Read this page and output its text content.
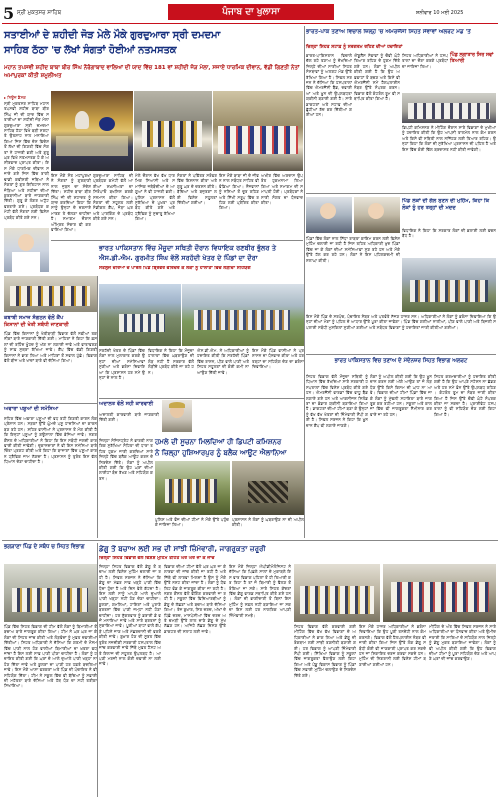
5 ਸ੍ਰੀ ਮੁਕਤਸਰ ਸਾਹਿਬ	ਪੰਜਾਬ ਦਾ ਖੁਲਾਸਾ	ਸ਼ਨੀਵਾਰ 10 ਮਈ 2025
ਸਤਾਈਆਂ ਦੇ ਸ਼ਹੀਦੀ ਜੋੜ ਮੇਲੇ ਮੌਕੇ ਗੁਰਦੁਆਰਾ ਸ੍ਰੀ ਦਮਦਮਾ
ਸਾਹਿਬ ਠੱਠਾ 'ਚ ਲੱਖਾਂ ਸੰਗਤਾਂ ਹੋਈਆਂ ਨਤਮਸਤਕ
ਮਹਾਨ ਤਪਸਵੀ ਸ਼ਹੀਦ ਬਾਬਾ ਬੀਰ ਸਿੰਘ ਨੌਰੰਗਾਬਾਦ ਵਾਲਿਆਂ ਦੀ ਯਾਦ ਵਿੱਚ 181 ਵਾਂ ਸ਼ਹੀਦੀ ਜੋੜ ਮੇਲਾ, ਸਜਾਏ ਧਾਰਮਿਕ ਦੀਵਾਨ, ਵੱਡੀ ਗਿਣਤੀ ਨੇਤਾਂ ਅਮਾਂਪੁਰਕਾਂ ਕੀਤੀ ਸ਼ਮੂਲੀਅਤ
▸ ਨਿਊਜ਼ ਡੈਸਕ
ਸ੍ਰੀ ਮੁਕਤਸਰ ਸਾਹਿਬ ਮਹਾਨ ਤਪਸਵੀ ਸ਼ਹੀਦ ਬਾਬਾ ਬੀਰ ਸਿੰਘ ਜੀ ਦੀ ਯਾਦ ਵਿੱਚ ਸਤਾਈਆਂ ਦਾ ਸ਼ਹੀਦੀ ਜੋੜ ਮੇਲਾ ਗੁਰਦੁਆਰਾ ਸ੍ਰੀ ਦਮਦਮਾ ਸਾਹਿਬ ਠੱਠਾ ਵਿਖੇ ਬੜੀ ਸ਼ਰਧਾ ਤੇ ਉਤਸ਼ਾਹ ਨਾਲ ਮਨਾਇਆ ਗਿਆ ਜਿਸ ਵਿੱਚ ਦੇਸ਼ ਵਿਦੇਸ਼ ਤੋਂ ਲੱਖਾਂ ਦੀ ਗਿਣਤੀ ਵਿੱਚ ਸੰਗਤਾਂ ਨੇ ਹਾਜ਼ਰੀ ਭਰੀ ਅਤੇ ਗੁਰੂ ਘਰ ਵਿਖੇ ਨਤਮਸਤਕ ਹੋ ਕੇ ਅਸ਼ੀਰਵਾਦ ਪ੍ਰਾਪਤ ਕੀਤਾ। ਇਸ ਮੌਕੇ ਧਾਰਮਿਕ ਦੀਵਾਨ ਸਜਾਏ ਗਏ ਜਿਸ ਵਿੱਚ ਰਾਗੀ ਢਾਡੀ ਕਵੀਸ਼ਰੀ ਜਥਿਆਂ ਨੇ ਸੰਗਤਾਂ ਨੂੰ ਗੁਰ ਇਤਿਹਾਸ ਨਾਲ ਜੋੜਿਆ ਅਤੇ ਸ਼ਹੀਦਾਂ ਦੀਆਂ ਕੁਰਬਾਨੀਆਂ ਬਾਰੇ ਜਾਣਕਾਰੀ ਦਿੱਤੀ। ਗੁਰੂ ਕੇ ਲੰਗਰ ਅਟੁੱਟ ਵਰਤਾਏ ਗਏ। ਪ੍ਰਬੰਧਕ ਕਮੇਟੀ ਵੱਲੋਂ ਸੰਗਤਾਂ ਲਈ ਵਿਸ਼ੇਸ਼ ਪ੍ਰਬੰਧ ਕੀਤੇ ਗਏ ਸਨ।
ਇਸ ਮੌਕੇ ਸੰਤ ਮਹਾਂਪੁਰਖਾਂ ਨੇ ਸੰਗਤਾਂ ਨੂੰ ਗੁਰਬਾਣੀ ਨਾਲ ਜੁੜਨ ਦਾ ਸੰਦੇਸ਼ ਦਿੱਤਾ। ਸ਼ਹੀਦ ਬਾਬਾ ਬੀਰ ਸਿੰਘ ਜੀ ਦੀ ਸ਼ਹਾਦਤ ਨੂੰ ਯਾਦ ਕਰਦਿਆਂ ਕਿਹਾ ਕਿ ਸਾਨੂੰ ਉਨ੍ਹਾਂ ਦੇ ਦਰਸਾਏ ਮਾਰਗ ਤੇ ਚੱਲਣਾ ਚਾਹੀਦਾ ਹੈ। ਸਮਾਗਮ ਦੌਰਾਨ ਅੰਮ੍ਰਿਤ ਸੰਚਾਰ ਵੀ ਕਰਵਾਇਆ ਗਿਆ।
ਗੁਰਦੁਆਰਾ ਸਾਹਿਬ ਦੀ ਪ੍ਰਬੰਧਕ ਕਮੇਟੀ ਵੱਲੋਂ ਆਈਆਂ ਸ਼ਖ਼ਸੀਅਤਾਂ ਦਾ ਸਿਰੋਪਾਓ ਬਖਸ਼ਿਸ਼ ਕਰਕੇ ਸਨਮਾਨ ਕੀਤਾ ਗਿਆ। ਸੰਗਤਾਂ ਦੀ ਸਹੂਲਤ ਲਈ ਮੈਡੀਕਲ ਕੈਂਪ, ਜੋੜਾ ਘਰ ਅਤੇ ਪਾਰਕਿੰਗ ਦੇ ਪ੍ਰਬੰਧ ਕੀਤੇ ਗਏ ਸਨ।
ਮੇਲੇ ਦੌਰਾਨ ਵੱਖ ਵੱਖ ਧਾਰਮਿਕ ਸਿਆਸੀ ਅਤੇ ਸਮਾਜਿਕ ਜਥੇਬੰਦੀਆਂ ਦੇ ਆਗੂਆਂ ਨੇ ਵੀ ਹਾਜ਼ਰੀ ਭਰੀ। ਪੁਲਿਸ ਪ੍ਰਸ਼ਾਸਨ ਵੱਲੋਂ ਸੁਰੱਖਿਆ ਦੇ ਪੁਖ਼ਤਾ ਪ੍ਰਬੰਧ ਕੀਤੇ ਗਏ ਅਤੇ ਟ੍ਰੈਫਿਕ ਨੂੰ ਸੁਚਾਰੂ ਰੱਖਿਆ ਗਿਆ।
ਸੰਗਤਾਂ ਨੇ ਪਵਿੱਤਰ ਸਰੋਵਰ ਵਿੱਚ ਇਸ਼ਨਾਨ ਕੀਤਾ ਅਤੇ ਗੁਰੂ ਘਰ ਦੇ ਦਰਸ਼ਨ ਕੀਤੇ। ਬੱਚਿਆਂ ਅਤੇ ਬਜ਼ੁਰਗਾਂ ਲਈ ਵਿਸ਼ੇਸ਼ ਸਹੂਲਤਾਂ ਦਿੱਤੀਆਂ ਗਈਆਂ।
ਇਸ ਮੌਕੇ ਬਾਬਾ ਜੀ ਦੇ ਜੀਵਨ ਨਾਲ ਸਬੰਧਤ ਸਾਹਿਤ ਵੀ ਵੰਡਿਆ ਗਿਆ। ਨੌਜਵਾਨਾਂ ਨੂੰ ਨਸ਼ਿਆਂ ਤੋਂ ਦੂਰ ਰਹਿਣ ਅਤੇ ਸਿੱਖੀ ਸਰੂਪ ਵਿੱਚ ਰਹਿਣ ਲਈ ਪ੍ਰੇਰਿਤ ਕੀਤਾ ਗਿਆ।
ਅਖੀਰ ਵਿੱਚ ਅਰਦਾਸ ਉਪਰੰਤ ਹੁਕਮਨਾਮਾ ਲਿਆ ਗਿਆ ਅਤੇ ਸਮਾਗਮ ਦੀ ਸਮਾਪਤੀ ਹੋਈ। ਪ੍ਰਬੰਧਕਾਂ ਨੇ ਸਾਰੀ ਸੰਗਤ ਦਾ ਧੰਨਵਾਦ ਕੀਤਾ।
ਭਾਰਤ ਪਾਕਿਸਤਾਨ ਵਿੱਚ ਮੌਜੂਦਾ ਸਥਿਤੀ ਦੌਰਾਨ ਵਿਧਾਇਕ ਰਣਬੀਰ ਭੁੱਲਰ ਤੇ
ਐਸ.ਡੀ.ਐਮ. ਗੁਰਮੀਤ ਸਿੰਘ ਵੱਲੋਂ ਸਰਹੱਦੀ ਖੇਤਰ ਦੇ ਪਿੰਡਾਂ ਦਾ ਦੌਰਾ
ਸਤਲੁਜ ਦਰਿਆ ਦੇ ਪਾਰਲੇ ਪਿੰਡ ਬ੍ਰਿਵਰ ਵਰਿੰਦਰ ਕੇ ਲੋਕਾਂ ਨੂੰ ਹਾਲਾਤਾਂ ਵਿੱਚ ਲੋੜੀਂਦਾ ਸਹਿਯੋਗ
ਸਰਹੱਦੀ ਖੇਤਰ ਦੇ ਪਿੰਡਾਂ ਵਿੱਚ ਲੋਕਾਂ ਨਾਲ ਮੁਲਾਕਾਤ ਕਰਕੇ ਉਨ੍ਹਾਂ ਦੀਆਂ ਸਮੱਸਿਆਵਾਂ ਸੁਣੀਆਂ ਅਤੇ ਭਰੋਸਾ ਦਿਵਾਇਆ ਕਿ ਪ੍ਰਸ਼ਾਸਨ ਹਰ ਸਮੇਂ ਉਨ੍ਹਾਂ ਦੇ ਨਾਲ ਹੈ।
ਵਿਧਾਇਕ ਨੇ ਕਿਹਾ ਕਿ ਮੌਜੂਦਾ ਹਾਲਾਤਾਂ ਵਿੱਚ ਘਬਰਾਉਣ ਦੀ ਲੋੜ ਨਹੀਂ ਹੈ ਸਰਕਾਰ ਵੱਲੋਂ ਲੋੜੀਂਦੇ ਪ੍ਰਬੰਧ ਕੀਤੇ ਜਾ ਰਹੇ ਹਨ।
ਐਸ.ਡੀ.ਐਮ. ਨੇ ਅਧਿਕਾਰੀਆਂ ਨੂੰ ਹਦਾਇਤ ਕੀਤੀ ਕਿ ਸਰਹੱਦੀ ਪਿੰਡਾਂ ਵਿੱਚ ਰਾਸ਼ਨ, ਪੀਣ ਵਾਲੇ ਪਾਣੀ ਅਤੇ ਸਿਹਤ ਸਹੂਲਤਾਂ ਦੀ ਕੋਈ ਕਮੀ ਨਾ ਆਉਣ ਦਿੱਤੀ ਜਾਵੇ।
ਇਸ ਮੌਕੇ ਪਿੰਡ ਵਾਸੀਆਂ ਨੇ ਪ੍ਰਸ਼ਾਸਨ ਦਾ ਧੰਨਵਾਦ ਕੀਤਾ ਅਤੇ ਹਰ ਤਰ੍ਹਾਂ ਦਾ ਸਹਿਯੋਗ ਦੇਣ ਦਾ ਭਰੋਸਾ ਦਿਵਾਇਆ।
ਕਬਾਬੀ ਸਮਾਜ ਸੰਗਠਨ ਵੱਲੋਂ ਕੈਂਪ
ਕਿਸਾਨਾਂ ਦੀ ਖੇਤੀ ਸਬੰਧੀ ਜਾਣਕਾਰੀ
ਪਿੰਡ ਵਿੱਚ ਕਿਸਾਨਾਂ ਨੂੰ ਖੇਤੀਬਾੜੀ ਵਿਭਾਗ ਵੱਲੋਂ ਨਵੀਆਂ ਤਕਨੀਕਾਂ ਬਾਰੇ ਜਾਣਕਾਰੀ ਦਿੱਤੀ ਗਈ। ਮਾਹਿਰਾਂ ਨੇ ਕਿਹਾ ਕਿ ਫ਼ਸਲਾਂ ਦੀ ਰਹਿੰਦ ਖੂੰਹਦ ਨੂੰ ਅੱਗ ਨਾ ਲਗਾਈ ਜਾਵੇ ਅਤੇ ਵਾਤਾਵਰਣ ਨੂੰ ਸਾਫ਼ ਸੁਥਰਾ ਰੱਖਿਆ ਜਾਵੇ। ਕੈਂਪ ਵਿੱਚ ਵੱਡੀ ਗਿਣਤੀ ਕਿਸਾਨਾਂ ਨੇ ਭਾਗ ਲਿਆ ਅਤੇ ਮਾਹਿਰਾਂ ਤੋਂ ਸਵਾਲ ਪੁੱਛੇ। ਵਿਭਾਗ ਵੱਲੋਂ ਬੀਜ ਅਤੇ ਖਾਦਾਂ ਬਾਰੇ ਵੀ ਦੱਸਿਆ ਗਿਆ।
ਅਵਾਰਾ ਪਸ਼ੂਆਂ ਦੀ ਸਮੱਸਿਆ
ਸ਼ਹਿਰ ਵਿੱਚ ਅਵਾਰਾ ਪਸ਼ੂਆਂ ਦੀ ਵਧ ਰਹੀ ਗਿਣਤੀ ਕਾਰਨ ਲੋਕ ਪ੍ਰੇਸ਼ਾਨ ਹਨ। ਸੜਕਾਂ ਉੱਤੇ ਘੁੰਮਦੇ ਪਸ਼ੂ ਹਾਦਸਿਆਂ ਦਾ ਕਾਰਨ ਬਣ ਰਹੇ ਹਨ। ਸ਼ਹਿਰ ਵਾਸੀਆਂ ਨੇ ਪ੍ਰਸ਼ਾਸਨ ਤੋਂ ਮੰਗ ਕੀਤੀ ਹੈ ਕਿ ਇਨ੍ਹਾਂ ਪਸ਼ੂਆਂ ਨੂੰ ਗਊਸ਼ਾਲਾ ਵਿੱਚ ਭੇਜਿਆ ਜਾਵੇ। ਨਗਰ ਕੌਂਸਲ ਦੇ ਅਧਿਕਾਰੀਆਂ ਨੇ ਕਿਹਾ ਕਿ ਇਸ ਸਬੰਧੀ ਜਲਦੀ ਕਾਰਵਾਈ ਕੀਤੀ ਜਾਵੇਗੀ। ਦੁਕਾਨਦਾਰਾਂ ਨੇ ਵੀ ਇਸ ਸਮੱਸਿਆ ਬਾਰੇ ਚਿੰਤਾ ਪ੍ਰਗਟ ਕੀਤੀ ਅਤੇ ਕਿਹਾ ਕਿ ਬਾਜ਼ਾਰਾਂ ਵਿੱਚ ਪਸ਼ੂਆਂ ਕਾਰਨ ਟ੍ਰੈਫਿਕ ਜਾਮ ਲੱਗਦਾ ਹੈ। ਪ੍ਰਸ਼ਾਸਨ ਨੂੰ ਤੁਰੰਤ ਇਸ ਵੱਲ ਧਿਆਨ ਦੇਣਾ ਚਾਹੀਦਾ ਹੈ।
ਭਾਰਤ-ਪਾਕ ਤਣਾਅ ਵਿਚਾਲੇ ਜ਼ਿਲ੍ਹੇ 'ਚ ਐਮਰਜੈਂਸੀ ਸਿਹਤ ਸੇਵਾਵਾਂ ਅਲਰਟ ਮੋਡ 'ਤੇ
ਜ਼ਿਲ੍ਹਾ ਸਿਹਤ ਸਟਾਫ਼ ਨੂੰ ਸਰਗਰਮ ਰਹਿਣ ਦੀਆਂ ਹਦਾਇਤਾਂ
ਭਾਰਤ-ਪਾਕਿਸਤਾਨ ਵਿਚਾਲੇ ਚੱਲ ਰਹੇ ਤਣਾਅ ਨੂੰ ਦੇਖਦਿਆਂ ਜ਼ਿਲ੍ਹੇ ਦੀਆਂ ਸਾਰੀਆਂ ਸਿਹਤ ਸੰਸਥਾਵਾਂ ਨੂੰ ਅਲਰਟ ਮੋਡ ਉੱਤੇ ਰੱਖਿਆ ਗਿਆ ਹੈ। ਸਿਵਲ ਸਰਜਨ ਨੇ ਦੱਸਿਆ ਕਿ ਹਸਪਤਾਲਾਂ ਵਿੱਚ ਐਮਰਜੈਂਸੀ ਬੈੱਡ, ਦਵਾਈਆਂ ਅਤੇ ਖ਼ੂਨ ਦੀ ਉਪਲਬਧਤਾ ਯਕੀਨੀ ਬਣਾਈ ਗਈ ਹੈ। ਸਾਰੇ ਡਾਕਟਰਾਂ ਅਤੇ ਸਟਾਫ਼ ਦੀਆਂ ਛੁੱਟੀਆਂ ਰੱਦ ਕਰ ਦਿੱਤੀਆਂ ਗਈਆਂ ਹਨ।
ਐਂਬੂਲੈਂਸ ਸੇਵਾਵਾਂ ਨੂੰ ਚੌਵੀ ਘੰਟੇ ਤਿਆਰ ਰਹਿਣ ਦੇ ਹੁਕਮ ਦਿੱਤੇ ਗਏ ਹਨ। ਲੋਕਾਂ ਨੂੰ ਅਪੀਲ ਕੀਤੀ ਗਈ ਹੈ ਕਿ ਉਹ ਅਫ਼ਵਾਹਾਂ ਤੋਂ ਬਚਣ ਅਤੇ ਕਿਸੇ ਵੀ ਐਮਰਜੈਂਸੀ ਸਮੇਂ ਹੈਲਪਲਾਈਨ ਨੰਬਰ ਉੱਤੇ ਸੰਪਰਕ ਕਰਨ। ਵਿਭਾਗ ਵੱਲੋਂ ਕੰਟਰੋਲ ਰੂਮ ਵੀ ਸਥਾਪਿਤ ਕੀਤਾ ਗਿਆ ਹੈ।
ਸਿਹਤ ਅਧਿਕਾਰੀਆਂ ਨੇ ਹਸਪਤਾਲਾਂ ਦਾ ਦੌਰਾ ਕਰਕੇ ਪ੍ਰਬੰਧਾਂ ਦਾ ਜਾਇਜ਼ਾ ਲਿਆ।
ਪਿੰਡ ਲਗਾਤਾਰ ਸਿਰ ਸਵਾਂ ਤਿਆਰੀ
ਡਿਪਟੀ ਕਮਿਸ਼ਨਰ ਨੇ ਮੀਟਿੰਗ ਦੌਰਾਨ ਸਾਰੇ ਵਿਭਾਗਾਂ ਦੇ ਮੁਖੀਆਂ ਨੂੰ ਹਦਾਇਤ ਕੀਤੀ ਕਿ ਉਹ ਆਪਸੀ ਤਾਲਮੇਲ ਨਾਲ ਕੰਮ ਕਰਨ ਅਤੇ ਕਿਸੇ ਵੀ ਸਥਿਤੀ ਨਾਲ ਨਜਿੱਠਣ ਲਈ ਤਿਆਰ ਰਹਿਣ। ਉਨ੍ਹਾਂ ਕਿਹਾ ਕਿ ਲੋਕਾਂ ਦੀ ਸੁਰੱਖਿਆ ਪ੍ਰਸ਼ਾਸਨ ਦੀ ਪਹਿਲ ਹੈ ਅਤੇ ਇਸ ਵਿੱਚ ਕੋਈ ਢਿੱਲ ਬਰਦਾਸ਼ਤ ਨਹੀਂ ਕੀਤੀ ਜਾਵੇਗੀ।
ਪਿੰਡ ਲੋਕਾਂ ਦੀ ਗੱਲ ਸੁਣਨ ਦੀ ਮੁਹਿੰਮ, ਕਿਹਾ ਕਿ ਲੋਕਾਂ ਨੂੰ ਹਰ ਤਰ੍ਹਾਂ ਦੀ ਮਦਦ
ਪਿੰਡਾਂ ਵਿੱਚ ਲੋਕਾਂ ਨਾਲ ਸਿੱਧਾ ਰਾਬਤਾ ਕਾਇਮ ਕਰਨ ਲਈ ਵਿਸ਼ੇਸ਼ ਮੁਹਿੰਮ ਚਲਾਈ ਜਾ ਰਹੀ ਹੈ ਜਿਸ ਤਹਿਤ ਅਧਿਕਾਰੀ ਖ਼ੁਦ ਪਿੰਡਾਂ ਵਿੱਚ ਜਾ ਕੇ ਲੋਕਾਂ ਦੀਆਂ ਸਮੱਸਿਆਵਾਂ ਸੁਣ ਰਹੇ ਹਨ ਅਤੇ ਮੌਕੇ ਉੱਤੇ ਹੱਲ ਕਰ ਰਹੇ ਹਨ। ਲੋਕਾਂ ਨੇ ਇਸ ਪਹਿਲਕਦਮੀ ਦੀ ਸ਼ਲਾਘਾ ਕੀਤੀ।
ਵਿਧਾਇਕ ਨੇ ਕਿਹਾ ਕਿ ਸਰਕਾਰ ਲੋਕਾਂ ਦੀ ਭਲਾਈ ਲਈ ਵਚਨਬੱਧ ਹੈ।
ਇਸ ਮੌਕੇ ਪਿੰਡ ਦੇ ਸਰਪੰਚ, ਪੰਚਾਇਤ ਮੈਂਬਰ ਅਤੇ ਪਤਵੰਤੇ ਸੱਜਣ ਹਾਜ਼ਰ ਸਨ। ਅਧਿਕਾਰੀਆਂ ਨੇ ਲੋਕਾਂ ਨੂੰ ਭਰੋਸਾ ਦਿਵਾਇਆ ਕਿ ਉਨ੍ਹਾਂ ਦੀਆਂ ਮੰਗਾਂ ਨੂੰ ਪਹਿਲ ਦੇ ਆਧਾਰ ਉੱਤੇ ਪੂਰਾ ਕੀਤਾ ਜਾਵੇਗਾ। ਪਿੰਡ ਵਿੱਚ ਗਲੀਆਂ ਨਾਲੀਆਂ, ਪੀਣ ਵਾਲੇ ਪਾਣੀ ਅਤੇ ਬਿਜਲੀ ਸਪਲਾਈ ਸਬੰਧੀ ਮੁਸ਼ਕਿਲਾਂ ਸੁਣੀਆਂ ਗਈਆਂ ਅਤੇ ਸਬੰਧਤ ਵਿਭਾਗਾਂ ਨੂੰ ਹਦਾਇਤਾਂ ਜਾਰੀ ਕੀਤੀਆਂ ਗਈਆਂ।
ਭਾਰਤ ਪਾਕਿਸਤਾਨ ਵਿਚ ਤਣਾਅ ਦੇ ਮੱਦੇਨਜ਼ਰ ਸਿਹਤ ਵਿਭਾਗ ਅਲਰਟ
ਸਿਹਤ ਵਿਭਾਗ ਵੱਲੋਂ ਮੌਜੂਦਾ ਸਥਿਤੀ ਨੂੰ ਧਿਆਨ ਵਿੱਚ ਰੱਖਦਿਆਂ ਸਾਰੇ ਸਰਕਾਰੀ ਹਸਪਤਾਲਾਂ ਵਿੱਚ ਵਿਸ਼ੇਸ਼ ਪ੍ਰਬੰਧ ਕੀਤੇ ਗਏ ਹਨ। ਐਮਰਜੈਂਸੀ ਵਾਰਡਾਂ ਵਿੱਚ ਵਾਧੂ ਬੈੱਡ ਲਗਾਏ ਗਏ ਹਨ ਅਤੇ ਆਕਸੀਜਨ ਸਿਲੰਡਰਾਂ ਦਾ ਭੰਡਾਰ ਯਕੀਨੀ ਬਣਾਇਆ ਗਿਆ ਹੈ। ਡਾਕਟਰਾਂ ਦੀਆਂ ਟੀਮਾਂ ਬਣਾ ਕੇ ਉਨ੍ਹਾਂ ਨੂੰ ਵੱਖ ਵੱਖ ਖੇਤਰਾਂ ਦੀ ਜ਼ਿੰਮੇਵਾਰੀ ਸੌਂਪੀ ਗਈ ਹੈ। ਸਿਵਲ ਸਰਜਨ ਨੇ ਕਿਹਾ ਕਿ ਖ਼ੂਨਦਾਨ ਕੈਂਪ ਵੀ ਲਗਾਏ ਜਾਣਗੇ।
ਲੋਕਾਂ ਨੂੰ ਅਪੀਲ ਕੀਤੀ ਗਈ ਕਿ ਉਹ ਖ਼ੂਨਦਾਨ ਕਰਨ ਲਈ ਅੱਗੇ ਆਉਣ ਤਾਂ ਜੋ ਲੋੜ ਪੈਣ ਉੱਤੇ ਕਿਸੇ ਕਿਸਮ ਦੀ ਘਾਟ ਨਾ ਆਵੇ। ਵਿਭਾਗ ਦੀਆਂ ਟੀਮਾਂ ਪਿੰਡਾਂ ਵਿੱਚ ਜਾ ਕੇ ਲੋਕਾਂ ਨੂੰ ਮੁੱਢਲੀ ਸਹਾਇਤਾ ਬਾਰੇ ਜਾਗਰੂਕ ਕਰ ਰਹੀਆਂ ਹਨ। ਸਕੂਲਾਂ ਅਤੇ ਕਾਲਜਾਂ ਵਿੱਚ ਵੀ ਜਾਗਰੂਕਤਾ ਸੈਮੀਨਾਰ ਕਰਵਾਏ ਜਾ ਰਹੇ ਹਨ।
ਸਿਹਤ ਕਰਮਚਾਰੀਆਂ ਨੂੰ ਹਦਾਇਤ ਕੀਤੀ ਗਈ ਹੈ ਕਿ ਉਹ ਆਪਣੇ ਸਟੇਸ਼ਨ ਨਾ ਛੱਡਣ ਅਤੇ ਹਰ ਸਮੇਂ ਫ਼ੋਨ ਉੱਤੇ ਉਪਲਬਧ ਰਹਿਣ। ਕੰਟਰੋਲ ਰੂਮ ਦਾ ਨੰਬਰ ਜਾਰੀ ਕੀਤਾ ਗਿਆ ਹੈ ਜਿਸ ਉੱਤੇ ਚੌਵੀ ਘੰਟੇ ਸੰਪਰਕ ਕੀਤਾ ਜਾ ਸਕਦਾ ਹੈ। ਪ੍ਰਾਈਵੇਟ ਹਸਪਤਾਲਾਂ ਨੂੰ ਵੀ ਸਹਿਯੋਗ ਦੇਣ ਲਈ ਕਿਹਾ ਗਿਆ ਹੈ।
ਅਦਾਲਤ ਵੱਲੋਂ ਸਹੀ ਕਾਰਵਾਈ
ਅਦਾਲਤੀ ਕਾਰਵਾਈ ਬਾਰੇ ਜਾਣਕਾਰੀ ਦਿੱਤੀ ਗਈ।
ਹਮਲੇ ਦੀ ਸੂਚਨਾ ਮਿਲਦਿਆਂ ਹੀ ਡਿਪਟੀ ਕਮਿਸ਼ਨਰ
ਨੇ ਜ਼ਿਲ੍ਹਾ ਹੁਸ਼ਿਆਰਪੁਰ ਨੂੰ ਬਲੈਕ ਆਊਟ ਐਲਾਨਿਆ
ਜ਼ਿਲ੍ਹਾ ਮੈਜਿਸਟ੍ਰੇਟ ਨੇ ਭਾਰਤੀ ਨਾਗਰਿਕ ਸੁਰੱਖਿਆ ਸੰਹਿਤਾ ਦੀ ਧਾਰਾ ਤਹਿਤ ਹੁਕਮ ਜਾਰੀ ਕਰਦਿਆਂ ਸਾਰੇ ਜ਼ਿਲ੍ਹੇ ਵਿੱਚ ਬਲੈਕ ਆਊਟ ਕਰਨ ਦੇ ਨਿਰਦੇਸ਼ ਦਿੱਤੇ। ਲੋਕਾਂ ਨੂੰ ਅਪੀਲ ਕੀਤੀ ਗਈ ਕਿ ਉਹ ਘਰਾਂ ਦੀਆਂ ਲਾਈਟਾਂ ਬੰਦ ਰੱਖਣ ਅਤੇ ਸਹਿਯੋਗ ਕਰਨ।
ਪੁਲਿਸ ਅਤੇ ਫੌਜ ਦੀਆਂ ਟੀਮਾਂ ਨੇ ਮੌਕੇ ਉੱਤੇ ਪਹੁੰਚ ਕੇ ਜਾਇਜ਼ਾ ਲਿਆ।
ਪ੍ਰਸ਼ਾਸਨ ਨੇ ਲੋਕਾਂ ਨੂੰ ਘਬਰਾਉਣ ਨਾ ਦੀ ਅਪੀਲ ਕੀਤੀ।
ਭਗੜਾਣਾ ਪਿੰਡ ਦੇ ਸਬੰਧ ਚ ਸਿਹਤ ਵਿਭਾਗ	ਡੇਂਗੂ ਤੋਂ ਬਚਾਅ ਲਈ ਸਭ ਦੀ ਸਾਂਝੀ ਜ਼ਿੰਮੇਵਾਰੀ, ਜਾਗਰੂਕਤਾ ਜ਼ਰੂਰੀ
ਜ਼ਿਲ੍ਹਾ ਸਿਹਤ ਵਿਭਾਗ ਵੱਲੋਂ ਵਿਸ਼ੇਸ਼ ਮੁਹਿੰਮ ਤਹਿਤ ਘਰ ਘਰ ਜਾ ਕੇ ਜਾਂਚ
ਪਿੰਡ ਵਿੱਚ ਸਿਹਤ ਵਿਭਾਗ ਦੀ ਟੀਮ ਵੱਲੋਂ ਲੋਕਾਂ ਨੂੰ ਬਿਮਾਰੀਆਂ ਤੋਂ ਬਚਾਅ ਬਾਰੇ ਜਾਗਰੂਕ ਕੀਤਾ ਗਿਆ। ਟੀਮ ਨੇ ਘਰ ਘਰ ਜਾ ਕੇ ਲੋਕਾਂ ਦੀ ਸਿਹਤ ਜਾਂਚ ਕੀਤੀ ਅਤੇ ਲੋੜਵੰਦਾਂ ਨੂੰ ਮੁਫ਼ਤ ਦਵਾਈਆਂ ਦਿੱਤੀਆਂ। ਸਿਹਤ ਅਧਿਕਾਰੀ ਨੇ ਦੱਸਿਆ ਕਿ ਗਰਮੀ ਦੇ ਮੌਸਮ ਵਿੱਚ ਪਾਣੀ ਨਾਲ ਹੋਣ ਵਾਲੀਆਂ ਬਿਮਾਰੀਆਂ ਦਾ ਖ਼ਤਰਾ ਵਧ ਜਾਂਦਾ ਹੈ ਇਸ ਲਈ ਸਾਫ਼ ਪਾਣੀ ਪੀਣਾ ਚਾਹੀਦਾ ਹੈ। ਲੋਕਾਂ ਨੂੰ ਹਦਾਇਤ ਕੀਤੀ ਗਈ ਕਿ ਘਰਾਂ ਦੇ ਆਲੇ ਦੁਆਲੇ ਪਾਣੀ ਖੜ੍ਹਾ ਨਾ ਹੋਣ ਦਿੱਤਾ ਜਾਵੇ ਅਤੇ ਕੂਲਰਾਂ ਦਾ ਪਾਣੀ ਹਰ ਹਫ਼ਤੇ ਬਦਲਿਆ ਜਾਵੇ। ਇਸ ਮੌਕੇ ਆਸ਼ਾ ਵਰਕਰਾਂ ਅਤੇ ਪਿੰਡ ਦੀ ਪੰਚਾਇਤ ਨੇ ਵੀ ਸਹਿਯੋਗ ਦਿੱਤਾ। ਟੀਮ ਨੇ ਸਕੂਲ ਵਿੱਚ ਵੀ ਬੱਚਿਆਂ ਨੂੰ ਸਫ਼ਾਈ ਦੀ ਮਹੱਤਤਾ ਬਾਰੇ ਦੱਸਿਆ ਅਤੇ ਹੱਥ ਧੋਣ ਦਾ ਸਹੀ ਤਰੀਕਾ ਸਿਖਾਇਆ।
ਜ਼ਿਲ੍ਹਾ ਸਿਹਤ ਵਿਭਾਗ ਵੱਲੋਂ ਡੇਂਗੂ ਤੋਂ ਬਚਾਅ ਲਈ ਵਿਸ਼ੇਸ਼ ਮੁਹਿੰਮ ਚਲਾਈ ਜਾ ਰਹੀ ਹੈ। ਸਿਵਲ ਸਰਜਨ ਨੇ ਦੱਸਿਆ ਕਿ ਡੇਂਗੂ ਦਾ ਮੱਛਰ ਸਾਫ਼ ਖੜ੍ਹੇ ਪਾਣੀ ਵਿੱਚ ਪੈਦਾ ਹੁੰਦਾ ਹੈ ਅਤੇ ਦਿਨ ਵੇਲੇ ਕੱਟਦਾ ਹੈ। ਇਸ ਲਈ ਸਾਨੂੰ ਆਪਣੇ ਆਲੇ ਦੁਆਲੇ ਪਾਣੀ ਖੜ੍ਹਾ ਨਹੀਂ ਹੋਣ ਦੇਣਾ ਚਾਹੀਦਾ। ਕੂਲਰਾਂ, ਗਮਲਿਆਂ, ਟਾਇਰਾਂ ਅਤੇ ਪੁਰਾਣੇ ਬਰਤਨਾਂ ਵਿੱਚ ਪਾਣੀ ਜਮ੍ਹਾਂ ਨਹੀਂ ਹੋਣਾ ਚਾਹੀਦਾ। ਹਰ ਸ਼ੁੱਕਰਵਾਰ ਨੂੰ ਡਰਾਈ ਡੇ ਵਜੋਂ ਮਨਾਇਆ ਜਾਵੇ ਅਤੇ ਸਾਰੇ ਬਰਤਨਾਂ ਨੂੰ ਸੁਕਾਇਆ ਜਾਵੇ। ਪੂਰੀਆਂ ਬਾਹਾਂ ਵਾਲੇ ਕੱਪੜੇ ਪਹਿਨੇ ਜਾਣ ਅਤੇ ਮੱਛਰਦਾਨੀ ਦੀ ਵਰਤੋਂ ਕੀਤੀ ਜਾਵੇ। ਬੁਖ਼ਾਰ ਹੋਣ ਦੀ ਸੂਰਤ ਵਿੱਚ ਤੁਰੰਤ ਨਜ਼ਦੀਕੀ ਸਰਕਾਰੀ ਹਸਪਤਾਲ ਵਿੱਚ ਜਾਂਚ ਕਰਵਾਈ ਜਾਵੇ ਜਿੱਥੇ ਮੁਫ਼ਤ ਟੈਸਟ ਅਤੇ ਇਲਾਜ ਦੀ ਸਹੂਲਤ ਉਪਲਬਧ ਹੈ। ਆਪਣੀ ਮਰਜ਼ੀ ਨਾਲ ਕੋਈ ਦਵਾਈ ਨਾ ਲਈ ਜਾਵੇ।
ਵਿਭਾਗ ਦੀਆਂ ਟੀਮਾਂ ਵੱਲੋਂ ਘਰ ਘਰ ਜਾ ਕੇ ਲਾਰਵਾ ਦੀ ਜਾਂਚ ਕੀਤੀ ਜਾ ਰਹੀ ਹੈ ਅਤੇ ਜਿੱਥੇ ਵੀ ਲਾਰਵਾ ਮਿਲਦਾ ਹੈ ਉਸ ਨੂੰ ਮੌਕੇ ਉੱਤੇ ਨਸ਼ਟ ਕੀਤਾ ਜਾਂਦਾ ਹੈ। ਲੋਕਾਂ ਨੂੰ ਪੈਂਫਲਿਟ ਵੰਡ ਕੇ ਜਾਗਰੂਕ ਕੀਤਾ ਜਾ ਰਹੀ ਹੈ। ਨਗਰ ਕੌਂਸਲ ਵੱਲੋਂ ਫੌਗਿੰਗ ਕਰਵਾਈ ਜਾ ਰਹੀ ਹੈ। ਸਕੂਲਾਂ ਵਿੱਚ ਵਿਦਿਆਰਥੀਆਂ ਨੂੰ ਡੇਂਗੂ ਦੇ ਲੱਛਣਾਂ ਅਤੇ ਬਚਾਅ ਬਾਰੇ ਦੱਸਿਆ ਗਿਆ। ਤੇਜ਼ ਬੁਖ਼ਾਰ, ਸਿਰ ਦਰਦ, ਅੱਖਾਂ ਦੇ ਪਿੱਛੇ ਦਰਦ, ਮਾਸਪੇਸ਼ੀਆਂ ਵਿੱਚ ਦਰਦ ਅਤੇ ਚਮੜੀ ਉੱਤੇ ਲਾਲ ਦਾਣੇ ਡੇਂਗੂ ਦੇ ਮੁੱਖ ਲੱਛਣ ਹਨ। ਅਜਿਹੇ ਲੱਛਣ ਦਿਸਣ ਉੱਤੇ ਡਾਕਟਰ ਦੀ ਸਲਾਹ ਲਈ ਜਾਵੇ।
ਇਸ ਮੌਕੇ ਜ਼ਿਲ੍ਹਾ ਐਪੀਡੀਮੋਲੋਜਿਸਟ ਨੇ ਦੱਸਿਆ ਕਿ ਪਿਛਲੇ ਸਾਲਾਂ ਦੇ ਮੁਕਾਬਲੇ ਇਸ ਵਾਰ ਵਿਭਾਗ ਪਹਿਲਾਂ ਤੋਂ ਹੀ ਤਿਆਰੀ ਕਰ ਰਿਹਾ ਹੈ ਤਾਂ ਜੋ ਬਿਮਾਰੀ ਨੂੰ ਫੈਲਣ ਤੋਂ ਰੋਕਿਆ ਜਾ ਸਕੇ। ਸਾਰੇ ਸਿਹਤ ਕੇਂਦਰਾਂ ਵਿੱਚ ਡੇਂਗੂ ਵਾਰਡ ਸਥਾਪਿਤ ਕੀਤੇ ਗਏ ਹਨ। ਲੋਕਾਂ ਦੀ ਭਾਗੀਦਾਰੀ ਤੋਂ ਬਿਨਾਂ ਇਸ ਮੁਹਿੰਮ ਨੂੰ ਸਫ਼ਲ ਨਹੀਂ ਬਣਾਇਆ ਜਾ ਸਕਦਾ ਇਸ ਲਈ ਹਰ ਨਾਗਰਿਕ ਆਪਣੀ ਜ਼ਿੰਮੇਵਾਰੀ ਸਮਝੇ।
ਸਿਹਤ ਵਿਭਾਗ ਵੱਲੋਂ ਕਰਵਾਈ ਗਈ ਮੀਟਿੰਗ ਵਿੱਚ ਵੱਖ ਵੱਖ ਵਿਭਾਗਾਂ ਦੇ ਅਧਿਕਾਰੀਆਂ ਨੇ ਭਾਗ ਲਿਆ ਅਤੇ ਡੇਂਗੂ ਦੀ ਰੋਕਥਾਮ ਲਈ ਸਾਂਝੀ ਰਣਨੀਤੀ ਬਣਾਈ ਗਈ। ਹਰ ਵਿਭਾਗ ਨੂੰ ਆਪਣੀ ਜ਼ਿੰਮੇਵਾਰੀ ਸੌਂਪੀ ਗਈ। ਸਿੱਖਿਆ ਵਿਭਾਗ ਨੂੰ ਸਕੂਲਾਂ ਵਿੱਚ ਜਾਗਰੂਕਤਾ ਫੈਲਾਉਣ ਲਈ ਕਿਹਾ ਗਿਆ ਅਤੇ ਪੇਂਡੂ ਵਿਕਾਸ ਵਿਭਾਗ ਨੂੰ ਪਿੰਡਾਂ ਵਿੱਚ ਸਫ਼ਾਈ ਮੁਹਿੰਮ ਚਲਾਉਣ ਦੇ ਨਿਰਦੇਸ਼ ਦਿੱਤੇ ਗਏ।
ਇਸ ਮੌਕੇ ਹਾਜ਼ਰ ਅਧਿਕਾਰੀਆਂ ਨੇ ਭਰੋਸਾ ਦਿਵਾਇਆ ਕਿ ਉਹ ਪੂਰੀ ਤਨਦੇਹੀ ਨਾਲ ਕੰਮ ਕਰਨਗੇ। ਵਿਭਾਗ ਵੱਲੋਂ ਹੈਲਪਲਾਈਨ ਨੰਬਰ ਵੀ ਜਾਰੀ ਕੀਤਾ ਗਿਆ ਜਿਸ ਉੱਤੇ ਲੋਕ ਡੇਂਗੂ ਸਬੰਧੀ ਕੋਈ ਵੀ ਜਾਣਕਾਰੀ ਪ੍ਰਾਪਤ ਕਰ ਸਕਦੇ ਹਨ ਜਾਂ ਸ਼ਿਕਾਇਤ ਦਰਜ ਕਰਵਾ ਸਕਦੇ ਹਨ। ਮੁਹਿੰਮ ਦੀ ਨਿਗਰਾਨੀ ਲਈ ਵਿਸ਼ੇਸ਼ ਟੀਮਾਂ ਬਣਾਈਆਂ ਗਈਆਂ ਹਨ।
ਮੀਟਿੰਗ ਦੇ ਅੰਤ ਵਿੱਚ ਸਿਵਲ ਸਰਜਨ ਨੇ ਸਾਰੇ ਅਧਿਕਾਰੀਆਂ ਦਾ ਧੰਨਵਾਦ ਕੀਤਾ ਅਤੇ ਉਮੀਦ ਜਤਾਈ ਕਿ ਸਾਰਿਆਂ ਦੇ ਸਹਿਯੋਗ ਨਾਲ ਜ਼ਿਲ੍ਹੇ ਨੂੰ ਡੇਂਗੂ ਮੁਕਤ ਬਣਾਇਆ ਜਾਵੇਗਾ। ਲੋਕਾਂ ਨੂੰ ਵੀ ਅਪੀਲ ਕੀਤੀ ਗਈ ਕਿ ਉਹ ਵਿਭਾਗ ਦੀਆਂ ਟੀਮਾਂ ਨੂੰ ਪੂਰਾ ਸਹਿਯੋਗ ਦੇਣ ਅਤੇ ਆਪਣੇ ਘਰਾਂ ਦੀ ਜਾਂਚ ਕਰਵਾਉਣ।
